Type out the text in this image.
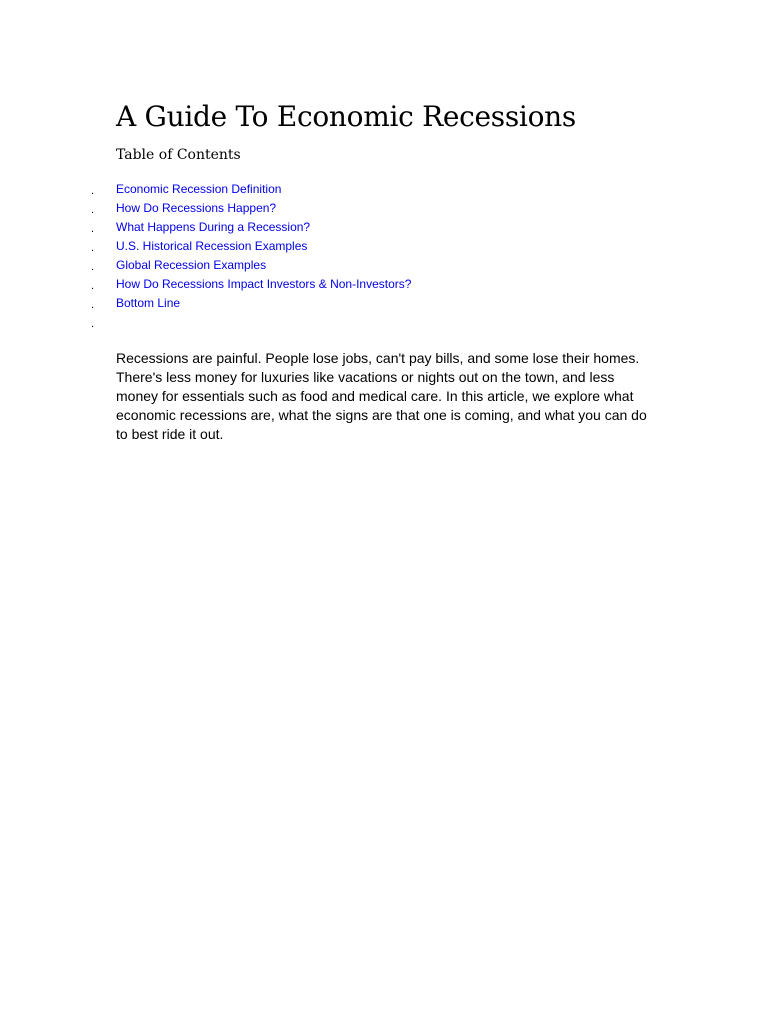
A Guide To Economic Recessions
Table of Contents
. Economic Recession Definition
. How Do Recessions Happen?
. What Happens During a Recession?
. U.S. Historical Recession Examples
. Global Recession Examples
. How Do Recessions Impact Investors & Non-Investors?
. Bottom Line
.

Recessions are painful. People lose jobs, can't pay bills, and some lose their homes. There's less money for luxuries like vacations or nights out on the town, and less money for essentials such as food and medical care. In this article, we explore what economic recessions are, what the signs are that one is coming, and what you can do to best ride it out.
